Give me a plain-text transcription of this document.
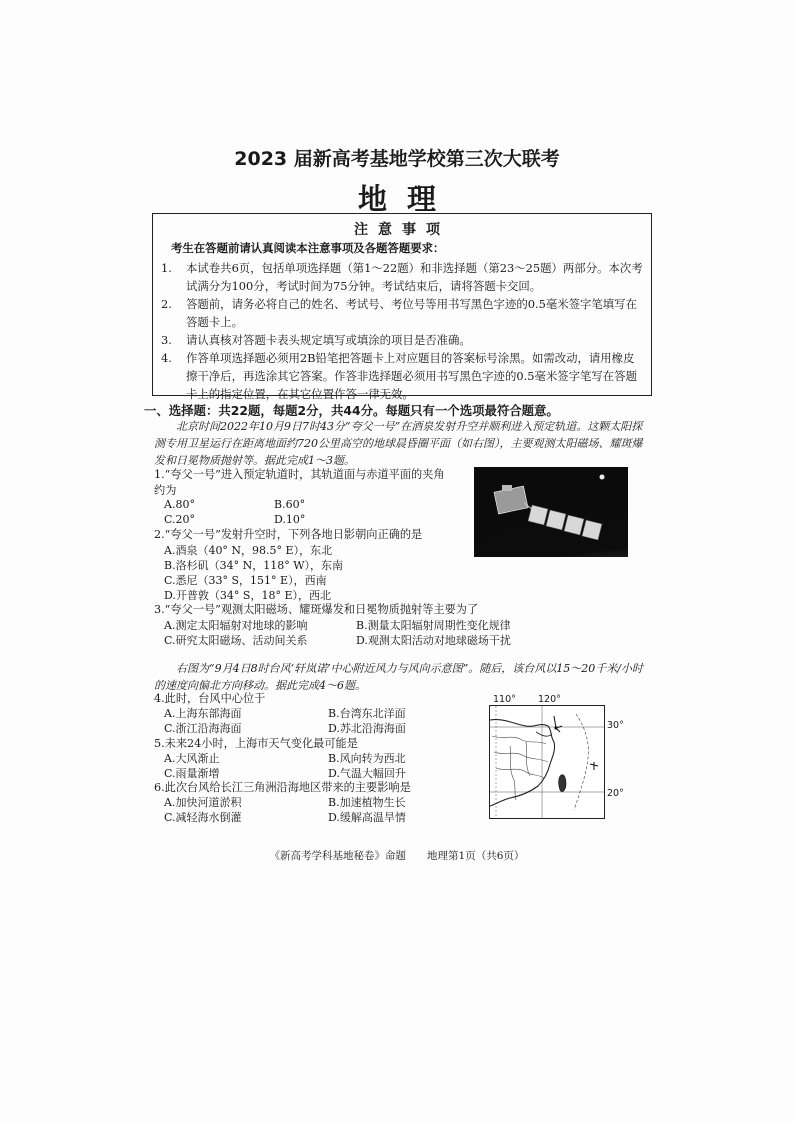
2023 届新高考基地学校第三次大联考
地理
注意事项
考生在答题前请认真阅读本注意事项及各题答题要求：
1. 本试卷共6页，包括单项选择题（第1～22题）和非选择题（第23～25题）两部分。本次考试满分为100分，考试时间为75分钟。考试结束后，请将答题卡交回。
2. 答题前，请务必将自己的姓名、考试号、考位号等用书写黑色字迹的0.5毫米签字笔填写在答题卡上。
3. 请认真核对答题卡表头规定填写或填涂的项目是否准确。
4. 作答单项选择题必须用2B铅笔把答题卡上对应题目的答案标号涂黑。如需改动，请用橡皮擦干净后，再选涂其它答案。作答非选择题必须用书写黑色字迹的0.5毫米签字笔写在答题卡上的指定位置，在其它位置作答一律无效。
一、选择题：共22题，每题2分，共44分。每题只有一个选项最符合题意。
北京时间2022年10月9日7时43分“夸父一号”在酒泉发射升空并顺利进入预定轨道。这颗太阳探测专用卫星运行在距离地面约720公里高空的地球晨昏圈平面（如右图），主要观测太阳磁场、耀斑爆发和日冕物质抛射等。据此完成1～3题。
1.“夸父一号”进入预定轨道时，其轨道面与赤道平面的夹角
约为
A.80°	B.60°
C.20°	D.10°
2.“夸父一号”发射升空时，下列各地日影朝向正确的是
A.酒泉（40° N，98.5° E），东北
B.洛杉矶（34° N，118° W），东南
C.悉尼（33° S，151° E），西南
D.开普敦（34° S，18° E），西北
3.“夸父一号”观测太阳磁场、耀斑爆发和日冕物质抛射等主要为了
A.测定太阳辐射对地球的影响	B.测量太阳辐射周期性变化规律
C.研究太阳磁场、活动间关系	D.观测太阳活动对地球磁场干扰
右图为“9月4日8时台风‘轩岚诺’中心附近风力与风向示意图”。随后，该台风以15～20千米/小时的速度向偏北方向移动。据此完成4～6题。
4.此时，台风中心位于
A.上海东部海面	B.台湾东北洋面
C.浙江沿海海面	D.苏北沿海海面
5.未来24小时，上海市天气变化最可能是
A.大风渐止	B.风向转为西北
C.雨量渐增	D.气温大幅回升
6.此次台风给长江三角洲沿海地区带来的主要影响是
A.加快河道淤积	B.加速植物生长
C.减轻海水倒灌	D.缓解高温旱情
110° 120°
30°
20°
《新高考学科基地秘卷》命题　　地理第1页（共6页）
